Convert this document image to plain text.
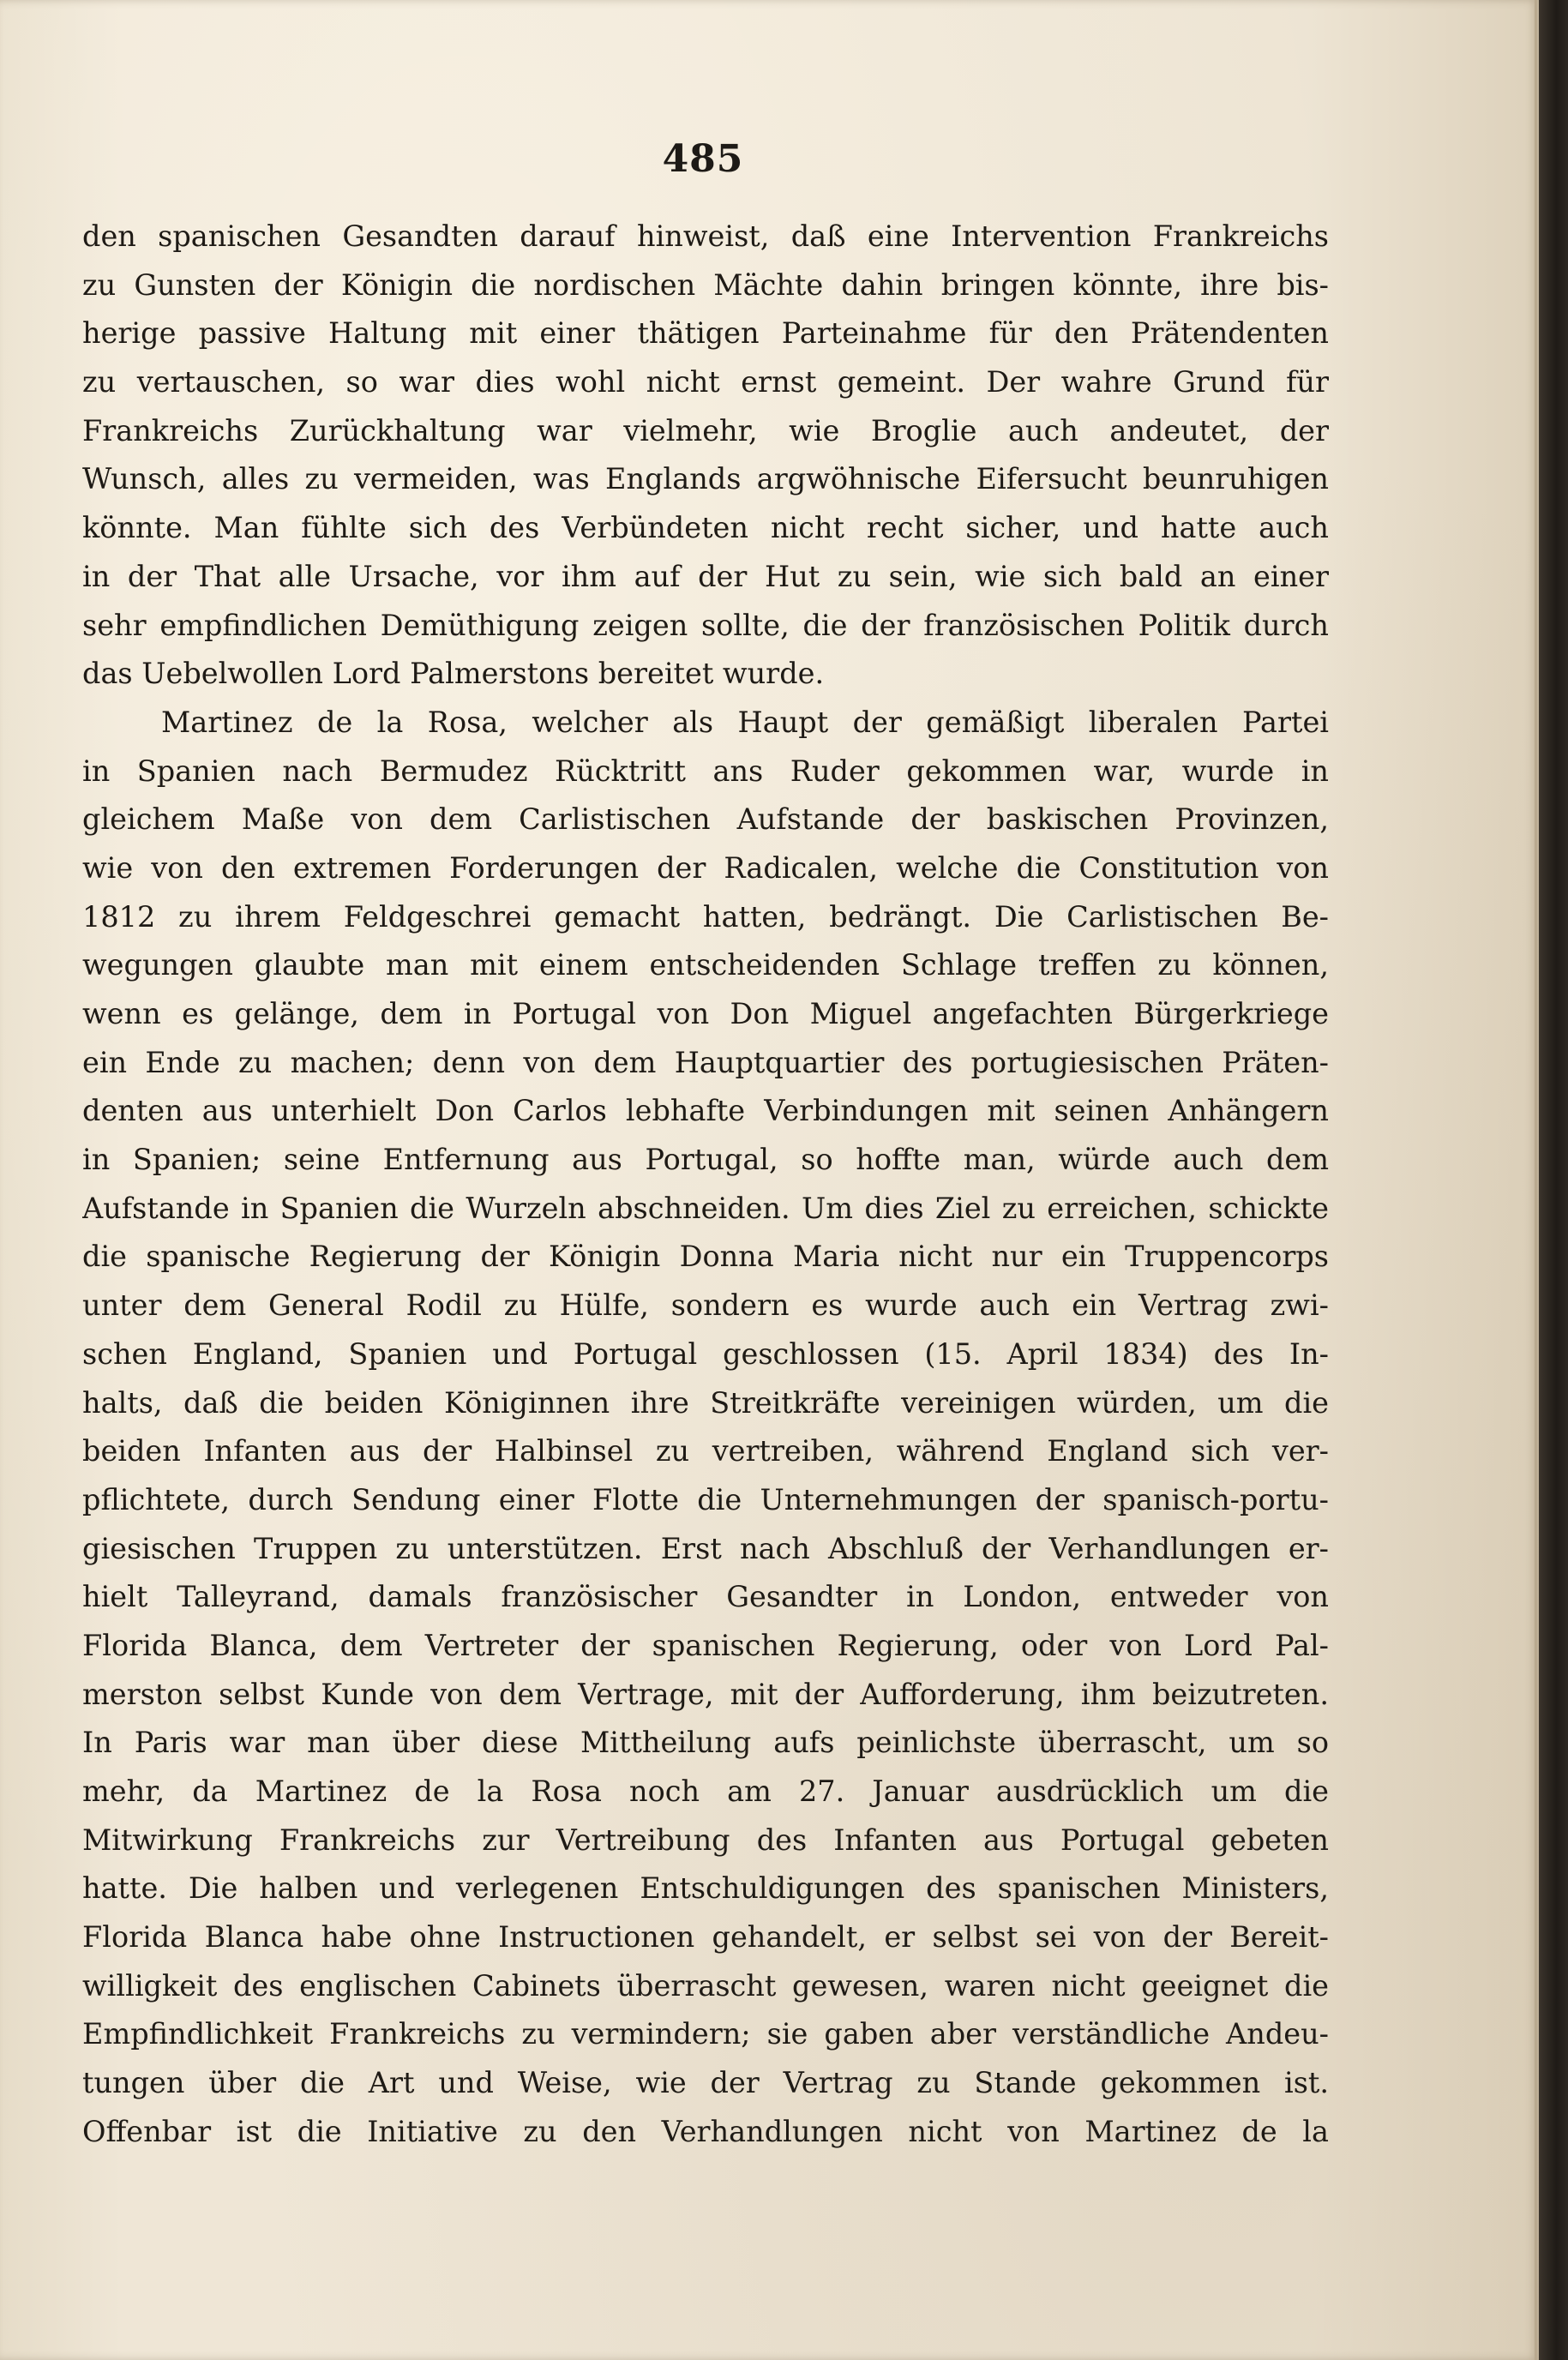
485
den spanischen Gesandten darauf hinweist, daß eine Intervention Frankreichs
zu Gunsten der Königin die nordischen Mächte dahin bringen könnte, ihre bis-
herige passive Haltung mit einer thätigen Parteinahme für den Prätendenten
zu vertauschen, so war dies wohl nicht ernst gemeint. Der wahre Grund für
Frankreichs Zurückhaltung war vielmehr, wie Broglie auch andeutet, der
Wunsch, alles zu vermeiden, was Englands argwöhnische Eifersucht beunruhigen
könnte. Man fühlte sich des Verbündeten nicht recht sicher, und hatte auch
in der That alle Ursache, vor ihm auf der Hut zu sein, wie sich bald an einer
sehr empfindlichen Demüthigung zeigen sollte, die der französischen Politik durch
das Uebelwollen Lord Palmerstons bereitet wurde.
Martinez de la Rosa, welcher als Haupt der gemäßigt liberalen Partei
in Spanien nach Bermudez Rücktritt ans Ruder gekommen war, wurde in
gleichem Maße von dem Carlistischen Aufstande der baskischen Provinzen,
wie von den extremen Forderungen der Radicalen, welche die Constitution von
1812 zu ihrem Feldgeschrei gemacht hatten, bedrängt. Die Carlistischen Be-
wegungen glaubte man mit einem entscheidenden Schlage treffen zu können,
wenn es gelänge, dem in Portugal von Don Miguel angefachten Bürgerkriege
ein Ende zu machen; denn von dem Hauptquartier des portugiesischen Präten-
denten aus unterhielt Don Carlos lebhafte Verbindungen mit seinen Anhängern
in Spanien; seine Entfernung aus Portugal, so hoffte man, würde auch dem
Aufstande in Spanien die Wurzeln abschneiden. Um dies Ziel zu erreichen, schickte
die spanische Regierung der Königin Donna Maria nicht nur ein Truppencorps
unter dem General Rodil zu Hülfe, sondern es wurde auch ein Vertrag zwi-
schen England, Spanien und Portugal geschlossen (15. April 1834) des In-
halts, daß die beiden Königinnen ihre Streitkräfte vereinigen würden, um die
beiden Infanten aus der Halbinsel zu vertreiben, während England sich ver-
pflichtete, durch Sendung einer Flotte die Unternehmungen der spanisch-portu-
giesischen Truppen zu unterstützen. Erst nach Abschluß der Verhandlungen er-
hielt Talleyrand, damals französischer Gesandter in London, entweder von
Florida Blanca, dem Vertreter der spanischen Regierung, oder von Lord Pal-
merston selbst Kunde von dem Vertrage, mit der Aufforderung, ihm beizutreten.
In Paris war man über diese Mittheilung aufs peinlichste überrascht, um so
mehr, da Martinez de la Rosa noch am 27. Januar ausdrücklich um die
Mitwirkung Frankreichs zur Vertreibung des Infanten aus Portugal gebeten
hatte. Die halben und verlegenen Entschuldigungen des spanischen Ministers,
Florida Blanca habe ohne Instructionen gehandelt, er selbst sei von der Bereit-
willigkeit des englischen Cabinets überrascht gewesen, waren nicht geeignet die
Empfindlichkeit Frankreichs zu vermindern; sie gaben aber verständliche Andeu-
tungen über die Art und Weise, wie der Vertrag zu Stande gekommen ist.
Offenbar ist die Initiative zu den Verhandlungen nicht von Martinez de la
